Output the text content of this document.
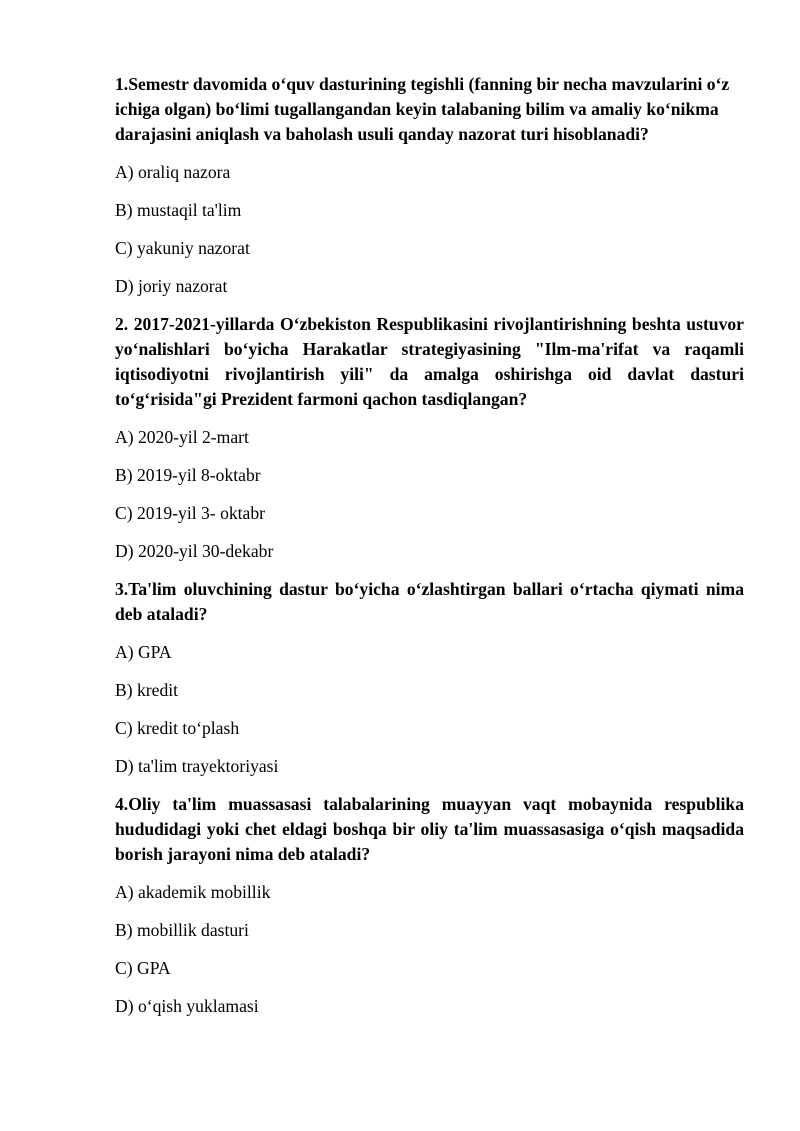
1.Semestr davomida o‘quv dasturining tegishli (fanning bir necha mavzularini o‘z ichiga olgan) bo‘limi tugallangandan keyin talabaning bilim va amaliy ko‘nikma darajasini aniqlash va baholash usuli qanday nazorat turi hisoblanadi?

A) oraliq nazora

B) mustaqil ta'lim

C) yakuniy nazorat

D) joriy nazorat

2. 2017-2021-yillarda O‘zbekiston Respublikasini rivojlantirishning beshta ustuvor yo‘nalishlari bo‘yicha Harakatlar strategiyasining "Ilm-ma'rifat va raqamli iqtisodiyotni rivojlantirish yili" da amalga oshirishga oid davlat dasturi to‘g‘risida"gi Prezident farmoni qachon tasdiqlangan?

A) 2020-yil 2-mart

B) 2019-yil 8-oktabr

C) 2019-yil 3- oktabr

D) 2020-yil 30-dekabr

3.Ta'lim oluvchining dastur bo‘yicha o‘zlashtirgan ballari o‘rtacha qiymati nima deb ataladi?

A) GPA

B) kredit

C) kredit to‘plash

D) ta'lim trayektoriyasi

4.Oliy ta'lim muassasasi talabalarining muayyan vaqt mobaynida respublika hududidagi yoki chet eldagi boshqa bir oliy ta'lim muassasasiga o‘qish maqsadida borish jarayoni nima deb ataladi?

A) akademik mobillik

B) mobillik dasturi

C) GPA

D) o‘qish yuklamasi
